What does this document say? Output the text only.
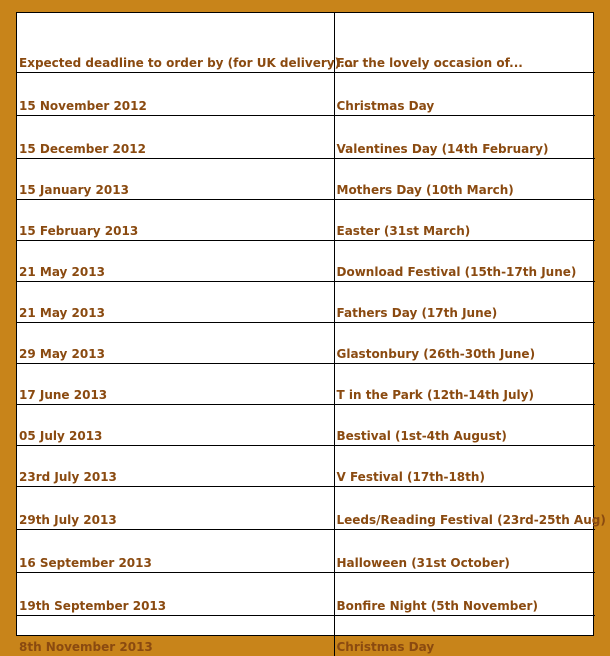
Expected deadline to order by (for UK delivery)...	For the lovely occasion of...
15 November 2012	Christmas Day
15 December 2012	Valentines Day (14th February)
15 January 2013	Mothers Day (10th March)
15 February 2013	Easter (31st March)
21 May 2013	Download Festival (15th-17th June)
21 May 2013	Fathers Day (17th June)
29 May 2013	Glastonbury (26th-30th June)
17 June 2013	T in the Park (12th-14th July)
05 July 2013	Bestival (1st-4th August)
23rd July 2013	V Festival (17th-18th)
29th July 2013	Leeds/Reading Festival (23rd-25th Aug)
16 September 2013	Halloween (31st October)
19th September 2013	Bonfire Night (5th November)
8th November 2013	Christmas Day
